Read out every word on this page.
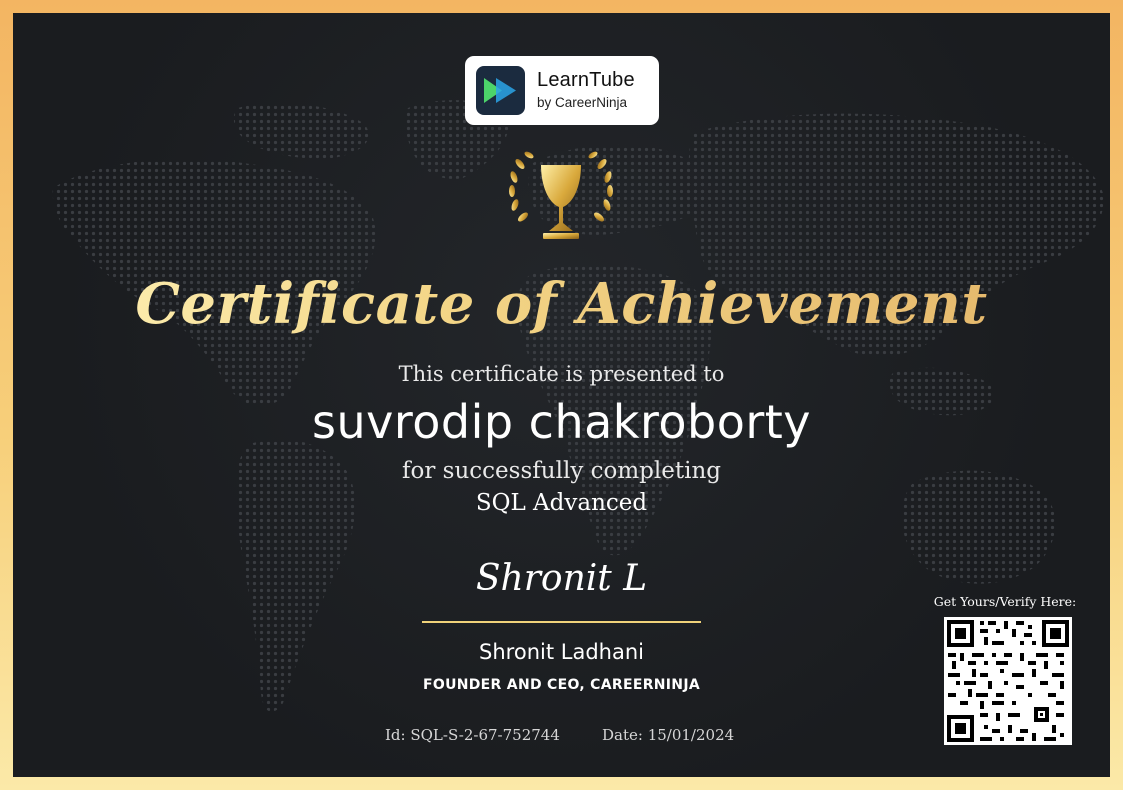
LearnTube
by CareerNinja
Certificate of Achievement
This certificate is presented to
suvrodip chakroborty
for successfully completing
SQL Advanced
Shronit L
Shronit Ladhani
FOUNDER AND CEO, CAREERNINJA
Id: SQL-S-2-67-752744	Date: 15/01/2024
Get Yours/Verify Here:
